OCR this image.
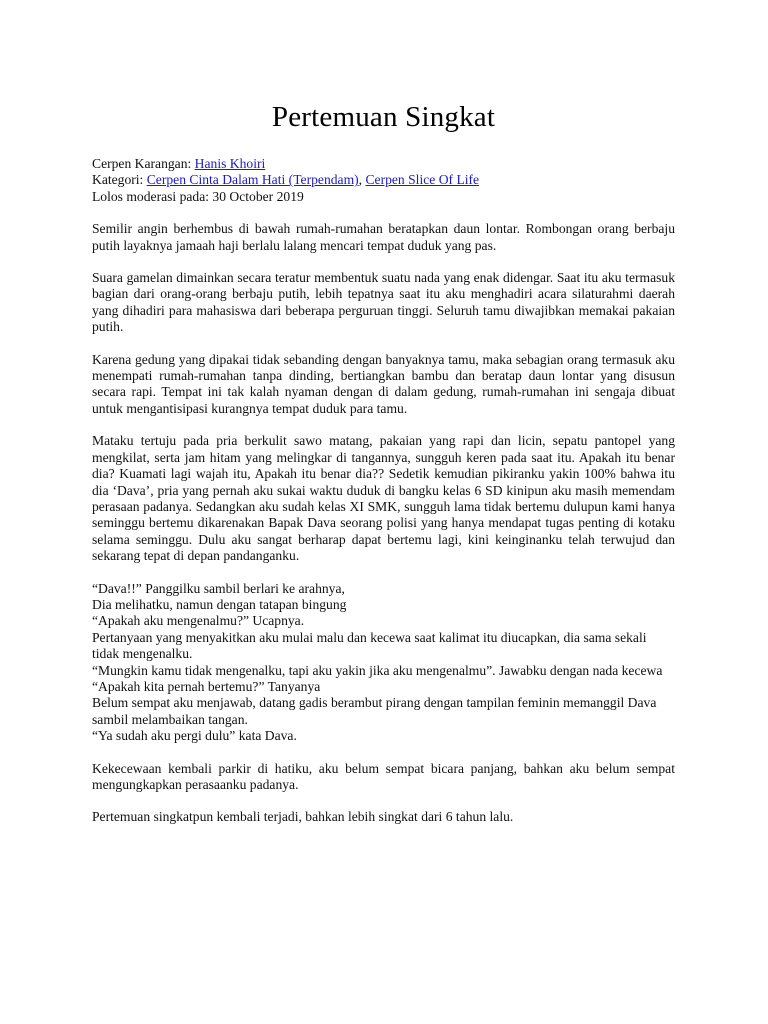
Pertemuan Singkat
Cerpen Karangan: Hanis Khoiri
Kategori: Cerpen Cinta Dalam Hati (Terpendam), Cerpen Slice Of Life
Lolos moderasi pada: 30 October 2019

Semilir angin berhembus di bawah rumah-rumahan beratapkan daun lontar. Rombongan orang berbaju putih layaknya jamaah haji berlalu lalang mencari tempat duduk yang pas.

Suara gamelan dimainkan secara teratur membentuk suatu nada yang enak didengar. Saat itu aku termasuk bagian dari orang-orang berbaju putih, lebih tepatnya saat itu aku menghadiri acara silaturahmi daerah yang dihadiri para mahasiswa dari beberapa perguruan tinggi. Seluruh tamu diwajibkan memakai pakaian putih.

Karena gedung yang dipakai tidak sebanding dengan banyaknya tamu, maka sebagian orang termasuk aku menempati rumah-rumahan tanpa dinding, bertiangkan bambu dan beratap daun lontar yang disusun secara rapi. Tempat ini tak kalah nyaman dengan di dalam gedung, rumah-rumahan ini sengaja dibuat untuk mengantisipasi kurangnya tempat duduk para tamu.

Mataku tertuju pada pria berkulit sawo matang, pakaian yang rapi dan licin, sepatu pantopel yang mengkilat, serta jam hitam yang melingkar di tangannya, sungguh keren pada saat itu. Apakah itu benar dia? Kuamati lagi wajah itu, Apakah itu benar dia?? Sedetik kemudian pikiranku yakin 100% bahwa itu dia ‘Dava’, pria yang pernah aku sukai waktu duduk di bangku kelas 6 SD kinipun aku masih memendam perasaan padanya. Sedangkan aku sudah kelas XI SMK, sungguh lama tidak bertemu dulupun kami hanya seminggu bertemu dikarenakan Bapak Dava seorang polisi yang hanya mendapat tugas penting di kotaku selama seminggu. Dulu aku sangat berharap dapat bertemu lagi, kini keinginanku telah terwujud dan sekarang tepat di depan pandanganku.

“Dava!!” Panggilku sambil berlari ke arahnya,
Dia melihatku, namun dengan tatapan bingung
“Apakah aku mengenalmu?” Ucapnya.
Pertanyaan yang menyakitkan aku mulai malu dan kecewa saat kalimat itu diucapkan, dia sama sekali tidak mengenalku.
“Mungkin kamu tidak mengenalku, tapi aku yakin jika aku mengenalmu”. Jawabku dengan nada kecewa
“Apakah kita pernah bertemu?” Tanyanya
Belum sempat aku menjawab, datang gadis berambut pirang dengan tampilan feminin memanggil Dava sambil melambaikan tangan.
“Ya sudah aku pergi dulu” kata Dava.

Kekecewaan kembali parkir di hatiku, aku belum sempat bicara panjang, bahkan aku belum sempat mengungkapkan perasaanku padanya.

Pertemuan singkatpun kembali terjadi, bahkan lebih singkat dari 6 tahun lalu.
